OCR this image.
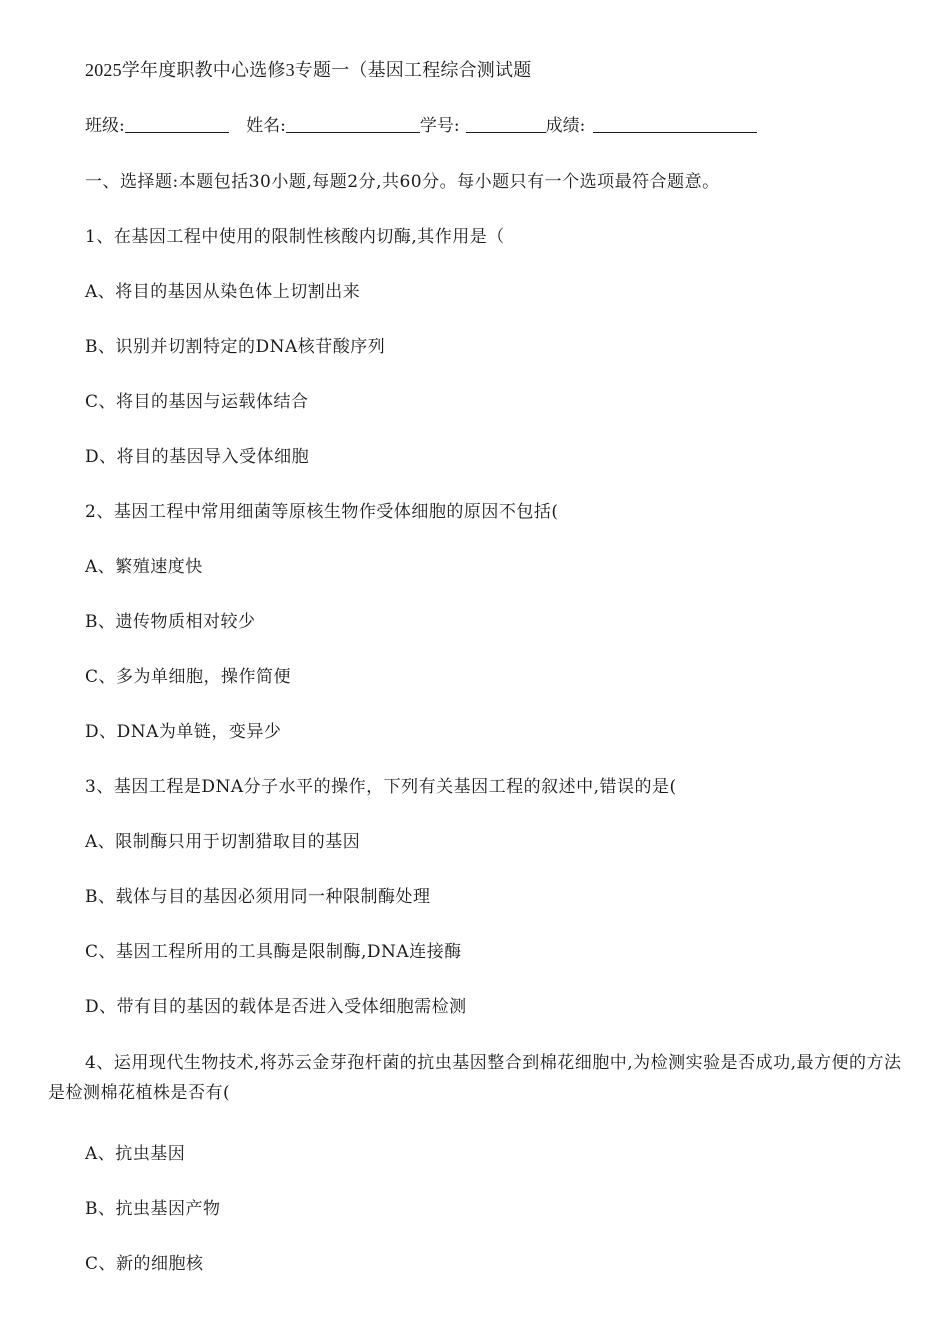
2025学年度职教中心选修3专题一（基因工程综合测试题
班级:	姓名:	学号:	成绩:
一、选择题:本题包括30小题,每题2分,共60分。每小题只有一个选项最符合题意。
1、在基因工程中使用的限制性核酸内切酶,其作用是（
A、将目的基因从染色体上切割出来
B、识别并切割特定的DNA核苷酸序列
C、将目的基因与运载体结合
D、将目的基因导入受体细胞
2、基因工程中常用细菌等原核生物作受体细胞的原因不包括(
A、繁殖速度快
B、遗传物质相对较少
C、多为单细胞，操作简便
D、DNA为单链，变异少
3、基因工程是DNA分子水平的操作，下列有关基因工程的叙述中,错误的是(
A、限制酶只用于切割猎取目的基因
B、载体与目的基因必须用同一种限制酶处理
C、基因工程所用的工具酶是限制酶,DNA连接酶
D、带有目的基因的载体是否进入受体细胞需检测
4、运用现代生物技术,将苏云金芽孢杆菌的抗虫基因整合到棉花细胞中,为检测实验是否成功,最方便的方法是检测棉花植株是否有(
A、抗虫基因
B、抗虫基因产物
C、新的细胞核
